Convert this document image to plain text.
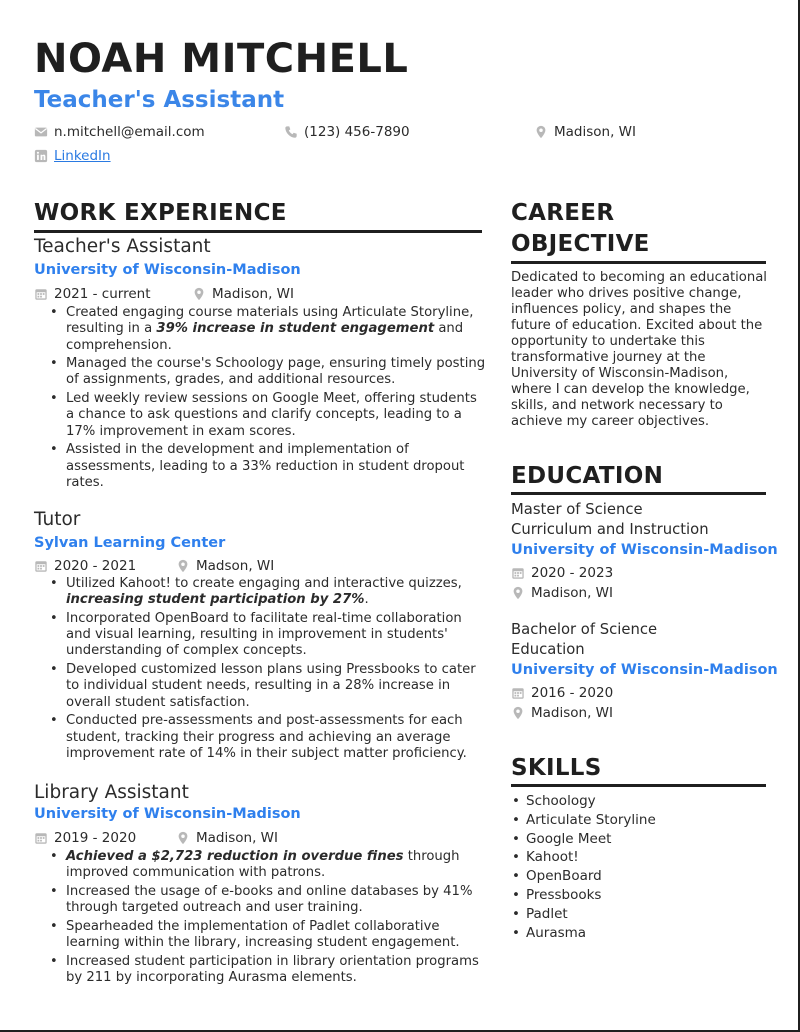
NOAH MITCHELL
Teacher's Assistant
n.mitchell@email.com	(123) 456-7890	Madison, WI
LinkedIn
WORK EXPERIENCE
Teacher's Assistant
University of Wisconsin-Madison
2021 - current	Madison, WI
• Created engaging course materials using Articulate Storyline, resulting in a 39% increase in student engagement and comprehension.
• Managed the course's Schoology page, ensuring timely posting of assignments, grades, and additional resources.
• Led weekly review sessions on Google Meet, offering students a chance to ask questions and clarify concepts, leading to a 17% improvement in exam scores.
• Assisted in the development and implementation of assessments, leading to a 33% reduction in student dropout rates.
Tutor
Sylvan Learning Center
2020 - 2021	Madson, WI
• Utilized Kahoot! to create engaging and interactive quizzes, increasing student participation by 27%.
• Incorporated OpenBoard to facilitate real-time collaboration and visual learning, resulting in improvement in students' understanding of complex concepts.
• Developed customized lesson plans using Pressbooks to cater to individual student needs, resulting in a 28% increase in overall student satisfaction.
• Conducted pre-assessments and post-assessments for each student, tracking their progress and achieving an average improvement rate of 14% in their subject matter proficiency.
Library Assistant
University of Wisconsin-Madison
2019 - 2020	Madison, WI
• Achieved a $2,723 reduction in overdue fines through improved communication with patrons.
• Increased the usage of e-books and online databases by 41% through targeted outreach and user training.
• Spearheaded the implementation of Padlet collaborative learning within the library, increasing student engagement.
• Increased student participation in library orientation programs by 211 by incorporating Aurasma elements.
CAREER
OBJECTIVE
Dedicated to becoming an educational leader who drives positive change, influences policy, and shapes the future of education. Excited about the opportunity to undertake this transformative journey at the University of Wisconsin-Madison, where I can develop the knowledge, skills, and network necessary to achieve my career objectives.
EDUCATION
Master of Science
Curriculum and Instruction
University of Wisconsin-Madison
2020 - 2023
Madison, WI
Bachelor of Science
Education
University of Wisconsin-Madison
2016 - 2020
Madison, WI
SKILLS
• Schoology
• Articulate Storyline
• Google Meet
• Kahoot!
• OpenBoard
• Pressbooks
• Padlet
• Aurasma
